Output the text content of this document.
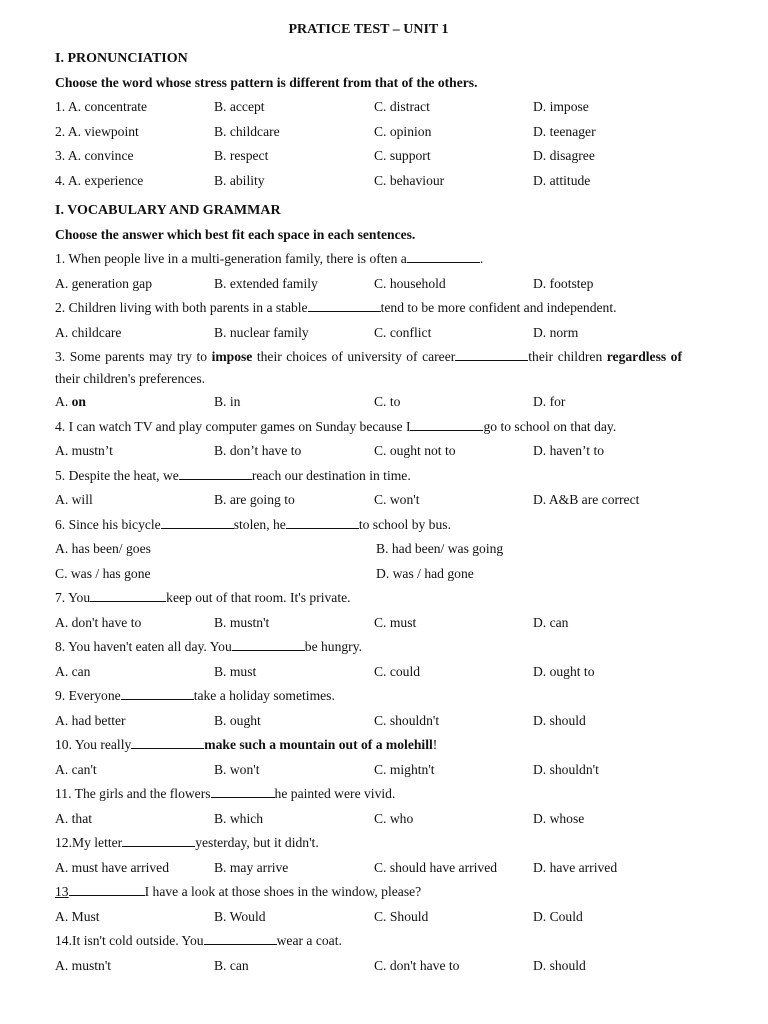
PRATICE TEST – UNIT 1
I. PRONUNCIATION
Choose the word whose stress pattern is different from that of the others.
1. A. concentrate	B. accept	C. distract	D. impose
2. A. viewpoint	B. childcare	C. opinion	D. teenager
3. A. convince	B. respect	C. support	D. disagree
4. A. experience	B. ability	C. behaviour	D. attitude
I. VOCABULARY AND GRAMMAR
Choose the answer which best fit each space in each sentences.
1. When people live in a multi-generation family, there is often a	.
A. generation gap	B. extended family	C. household	D. footstep
2. Children living with both parents in a stable	tend to be more confident and independent.
A. childcare	B. nuclear family	C. conflict	D. norm
3. Some parents may try to impose their choices of university of career	their children regardless of their children's preferences.
A. on	B. in	C. to	D. for
4. I can watch TV and play computer games on Sunday because I	go to school on that day.
A. mustn’t	B. don’t have to	C. ought not to	D. haven’t to
5. Despite the heat, we	reach our destination in time.
A. will	B. are going to	C. won't	D. A&B are correct
6. Since his bicycle	stolen, he	to school by bus.
A. has been/ goes	B. had been/ was going
C. was / has gone	D. was / had gone
7. You	keep out of that room. It's private.
A. don't have to	B. mustn't	C. must	D. can
8. You haven't eaten all day. You	be hungry.
A. can	B. must	C. could	D. ought to
9. Everyone	take a holiday sometimes.
A. had better	B. ought	C. shouldn't	D. should
10. You really	make such a mountain out of a molehill!
A. can't	B. won't	C. mightn't	D. shouldn't
11. The girls and the flowers	he painted were vivid.
A. that	B. which	C. who	D. whose
12.My letter	yesterday, but it didn't.
A. must have arrived	B. may arrive	C. should have arrived	D. have arrived
13	I have a look at those shoes in the window, please?
A. Must	B. Would	C. Should	D. Could
14.It isn't cold outside. You	wear a coat.
A. mustn't	B. can	C. don't have to	D. should
